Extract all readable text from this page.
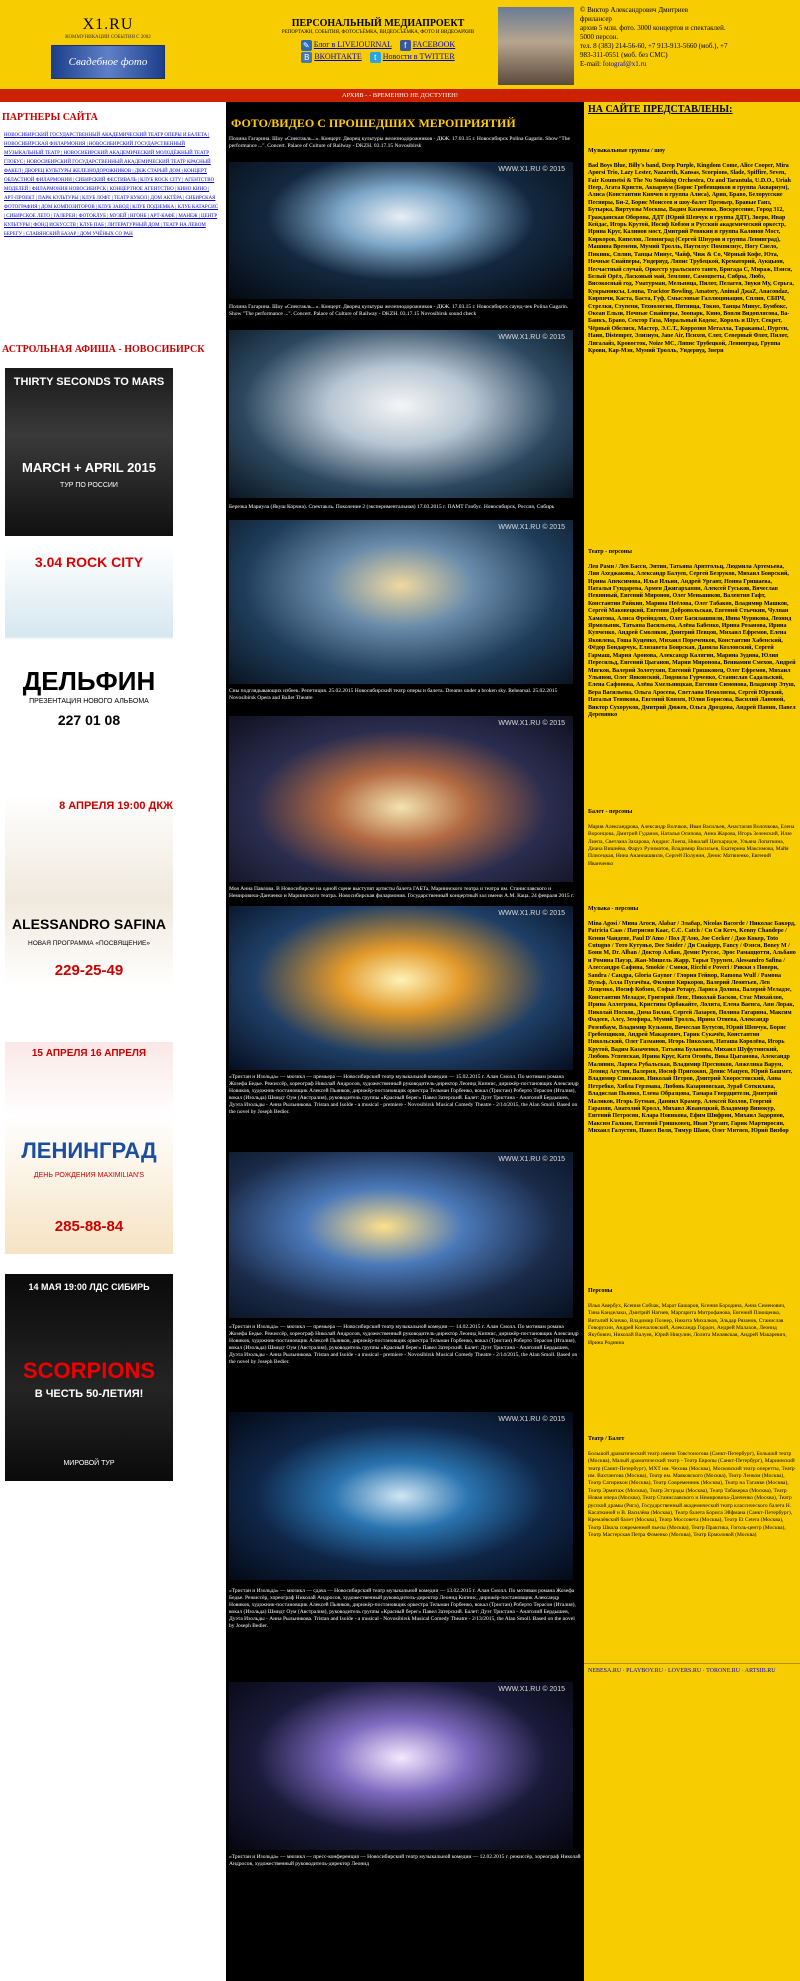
X1.RU
КОММУНИКАЦИИ СОБЫТИЯ С 2002
Свадебное фото
ПЕРСОНАЛЬНЫЙ МЕДИАПРОЕКТ
РЕПОРТАЖИ, СОБЫТИЯ, ФОТОСЪЁМКА, ВИДЕОСЪЁМКА, ФОТО И ВИДЕОАРХИВ
✎ Блог в LIVEJOURNAL f FACEBOOK
B ВКОНТАКТЕ t Новости в TWITTER
© Виктор Александрович Дмитриев
фрилансер
архив 5 млн. фото. 3000 концертов и спектаклей.
5000 персон.
тел. 8 (383) 214-56-60, +7 913-913-5660 (моб.), +7
983-311-0551 (моб. без СМС)
E-mail: fotograf@x1.ru
АРХИВ - - ВРЕМЕННО НЕ ДОСТУПЕН!
ПАРТНЕРЫ САЙТА
НОВОСИБИРСКИЙ ГОСУДАРСТВЕННЫЙ АКАДЕМИЧЕСКИЙ ТЕАТР ОПЕРЫ И БАЛЕТА | НОВОСИБИРСКАЯ ФИЛАРМОНИЯ | НОВОСИБИРСКИЙ ГОСУДАРСТВЕННЫЙ МУЗЫКАЛЬНЫЙ ТЕАТР | НОВОСИБИРСКИЙ АКАДЕМИЧЕСКИЙ МОЛОДЁЖНЫЙ ТЕАТР ГЛОБУС | НОВОСИБИРСКИЙ ГОСУДАРСТВЕННЫЙ АКАДЕМИЧЕСКИЙ ТЕАТР КРАСНЫЙ ФАКЕЛ | ДВОРЕЦ КУЛЬТУРЫ ЖЕЛЕЗНОДОРОЖНИКОВ | ДКЖ СТАРЫЙ ДОМ | КОНЦЕРТ ОБЛАСТНОЙ ФИЛАРМОНИИ | СИБИРСКИЙ ФЕСТИВАЛЬ | КЛУБ ROCK CITY | АГЕНТСТВО МОДЕЛЕЙ | ФИЛАРМОНИЯ НОВОСИБИРСК | КОНЦЕРТНОЕ АГЕНТСТВО | КИНО КИНО | АРТ-ПРОЕКТ | ПАРК КУЛЬТУРЫ | КЛУБ ЛОФТ | ТЕАТР КУКОЛ | ДОМ АКТЁРА | СИБИРСКАЯ ФОТОГРАФИЯ | ДОМ КОМПОЗИТОРОВ | КЛУБ ЗАВОД | КЛУБ ПОДЗЕМКА | КЛУБ КАТАРСИС | СИБИРСКОЕ ЛЕТО | ГАЛЕРЕЯ | ФОТОКЛУБ | МУЗЕЙ | НГОНБ | АРТ-КАФЕ | МАНЕЖ | ЦЕНТР КУЛЬТУРЫ | ФОНД ИСКУССТВ | КЛУБ ПАБ | ЛИТЕРАТУРНЫЙ ДОМ | ТЕАТР НА ЛЕВОМ БЕРЕГУ | СЛАВЯНСКИЙ БАЗАР | ДОМ УЧЁНЫХ СО РАН
АСТРОЛЬНАЯ АФИША - НОВОСИБИРСК
THIRTY SECONDS TO MARS
MARCH + APRIL 2015
ТУР ПО РОССИИ
3.04 ROCK CITY
ДЕЛЬФИН
ПРЕЗЕНТАЦИЯ НОВОГО АЛЬБОМА
227 01 08
8 АПРЕЛЯ 19:00 ДКЖ
ALESSANDRO SAFINA
НОВАЯ ПРОГРАММА «ПОСВЯЩЕНИЕ»
229-25-49
15 АПРЕЛЯ 16 АПРЕЛЯ
ЛЕНИНГРАД
ДЕНЬ РОЖДЕНИЯ MAXIMILIAN'S
285-88-84
14 МАЯ 19:00 ЛДС СИБИРЬ
SCORPIONS
В ЧЕСТЬ 50-ЛЕТИЯ!
МИРОВОЙ ТУР
ФОТО/ВИДЕО С ПРОШЕДШИХ МЕРОПРИЯТИЙ
Полина Гагарина. Шоу «Спектакль...». Концерт. Дворец культуры железнодорожников - ДКЖ. 17.03.15 г. Новосибирск Polina Gagarin. Show "The performance ...". Concert. Palace of Culture of Railway - DKZH. 03.17.15 Novosibirsk
WWW.X1.RU © 2015
Полина Гагарина. Шоу «Спектакль...». Концерт. Дворец культуры железнодорожников - ДКЖ. 17.03.15 г. Новосибирск саунд-чек Polina Gagarin. Show "The performance ...". Concert. Palace of Culture of Railway - DKZH. 03.17.15 Novosibirsk sound check
WWW.X1.RU © 2015
Березка Мариула (Якуш Корчна). Спектакль. Поколение 2 (экспериментальная) 17.03.2015 г. ПАМТ Глобус. Новосибирск, Россия, Сибирь
WWW.X1.RU © 2015
Сны подглядывающих избеек. Репетиция. 25.02.2015 Новосибирский театр оперы и балета. Dreams under a broken sky. Rehearsal. 25.02.2015 Novosibirsk Opera and Ballet Theatre
WWW.X1.RU © 2015
Моя Анна Павлова. В Новосибирске на одной сцене выступят артисты балета ГАБТа, Мариинского театра и театра им. Станиславского и Немировича-Данченко и Мариинского театра. Новосибирская филармония. Государственный концертный зал имени А.М. Каца. 24 февраля 2015 г.
WWW.X1.RU © 2015
«Тристан и Изольда» — мюзикл — премьера — Новосибирский театр музыкальной комедии — 15.02.2015 г. Алан Смолл. По мотивам романа Жозефа Бедье. Режиссёр, хореограф Николай Андросов, художественный руководитель-директор Леонид Кипнис, дирижёр-постановщик Александр Новиков, художник-постановщик Алексей Пьянков, дирижёр-постановщик оркестра Тельман Горбенко, вокал (Тристан) Роберто Терасон (Италия), вокал (Изольда) Шмидт Оум (Австралия), руководитель группы «Красный берег» Павел Затерский. Балет: Дуэт Тристана - Анатолий Бердышев, Дуэта Изольды - Анна Рыльникова. Tristan and Isolde - a musical - premiere - Novosibirsk Musical Comedy Theatre - 2/14/2015, the Alan Smoll. Based on the novel by Joseph Bedier.
WWW.X1.RU © 2015
«Тристан и Изольда» — мюзикл — премьера — Новосибирский театр музыкальной комедии — 14.02.2015 г. Алан Смолл. По мотивам романа Жозефа Бедье. Режиссёр, хореограф Николай Андросов, художественный руководитель-директор Леонид Кипнис, дирижёр-постановщик Александр Новиков, художник-постановщик Алексей Пьянков, дирижёр-постановщик оркестра Тельман Горбенко, вокал (Тристан) Роберто Терасон (Италия), вокал (Изольда) Шмидт Оум (Австралия), руководитель группы «Красный берег» Павел Затерский. Балет: Дуэт Тристана - Анатолий Бердышев, Дуэта Изольды - Анна Рыльникова. Tristan and Isolde - a musical - premiere - Novosibirsk Musical Comedy Theatre - 2/14/2015, the Alan Smoll. Based on the novel by Joseph Bedier.
WWW.X1.RU © 2015
«Тристан и Изольда» — мюзикл — сдача — Новосибирский театр музыкальной комедии — 13.02.2015 г. Алан Смолл. По мотивам романа Жозефа Бедье. Режиссёр, хореограф Николай Андросов, художественный руководитель-директор Леонид Кипнис, дирижёр-постановщик Александр Новиков, художник-постановщик Алексей Пьянков, дирижёр-постановщик оркестра Тельман Горбенко, вокал (Тристан) Роберто Терасон (Италия), вокал (Изольда) Шмидт Оум (Австралия), руководитель группы «Красный берег» Павел Затерский. Балет: Дуэт Тристана - Анатолий Бердышев, Дуэта Изольды - Анна Рыльникова. Tristan and Isolde - a musical - Novosibirsk Musical Comedy Theatre - 2/13/2015, the Alan Smoll. Based on the novel by Joseph Bedier.
WWW.X1.RU © 2015
«Тристан и Изольда» — мюзикл — пресс-конференция — Новосибирский театр музыкальной комедии — 12.02.2015 г. режиссёр, хореограф Николай Андросов, художественный руководитель-директор Леонид
НА САЙТЕ ПРЕДСТАВЛЕНЫ:
Музыкальные группы / шоу

Bad Boys Blue, Billy's band, Deep Purple, Kingdom Come, Alice Cooper, Mira Aporsi Trio, Lazy Lester, Nazareth, Kansas, Scorpions, Slade, Spiffire, Seven, Fair Koumetsi & The Nu Smoking Orchestra, Oz and Tarantula, U.D.O., Uriah Heep, Агата Кристи, Аквариум (Борис Гребенщиков и группа Аквариум), Алиса (Константин Кинчев и группа Алиса), Ария, Браво, Белорусские Песняры, Би-2, Борис Моисеев и шоу-балет Премьер, Бравые Ганз, Бутырка, Виртуозы Москвы, Вадим Казаченко, Воскресение, Город 312, Гражданская Оборона, ДДТ (Юрий Шевчук и группа ДДТ), Звери, Ивар Кейдас, Игорь Крутой, Иосиф Кобзон и Русский академический оркестр, Ирина Круг, Калинов мост, Дмитрий Ревякин и группа Калинов Мост, Киркоров, Кипелов, Ленинград (Сергей Шнуров и группа Ленинград), Машина Времени, Мумий Тролль, Наутилус Помпилиус, Ногу Свело, Пикник, Сплин, Танцы Минус, Чайф, Чиж & Co, Чёрный Кофе, Юта, Ночные Снайперы, Ундервуд, Ляпис Трубецкой, Крематорий, Аукцыон, Несчастный случай, Оркестр уральского танго, Бригада С, Мираж, Нэнси, Белый Орёл, Ласковый май, Земляне, Самоцветы, Сябры, Любэ, Високосный год, Уматурман, Мельница, Пилот, Пелагея, Звуки Му, Серьга, Кукрыниксы, Louna, Tracktor Bowling, Amatory, Animal ДжаZ, Anacondaz, Кирпичи, Каста, Баста, Гуф, Смысловые Галлюцинации, Сплин, СБПЧ, Стрелки, Ступени, Технология, Пятница, Токио, Танцы Минус, Бумбокс, Океан Ельзи, Ночные Снайперы, Зоопарк, Кино, Вопли Видоплясова, Ва-Банкъ, Браво, Сектор Газа, Моральный Кодекс, Король и Шут, Секрет, Чёрный Обелиск, Мастер, Э.С.Т., Коррозия Металла, Тараканы!, Пурген, Наив, Distemper, Элизиум, Jane Air, Психея, Слот, Северный Флот, Пилот, Лигалайз, Кровосток, Noize MC, Ляпис Трубецкой, Ленинград, Группа Крови, Кар-Мэн, Мумий Тролль, Ундервуд, Звери
Театр - персоны

Лев Рами / Лео Басси, Энтин, Татьяна Арнтгольц, Людмила Артемьева, Лия Ахеджакова, Александр Балуев, Сергей Безруков, Михаил Боярский, Ирина Апексимова, Илья Ильин, Андрей Ургант, Нонна Гришаева, Наталья Гундарева, Армен Джигарханян, Алексей Гуськов, Вячеслав Невинный, Евгений Миронов, Олег Меньшиков, Валентин Гафт, Константин Райкин, Марина Неёлова, Олег Табаков, Владимир Машков, Сергей Маковецкий, Евгения Добровольская, Евгений Стычкин, Чулпан Хаматова, Алиса Фрейндлих, Олег Басилашвили, Инна Чурикова, Леонид Ярмольник, Татьяна Васильева, Алёна Бабенко, Ирина Розанова, Ирина Купченко, Андрей Смоляков, Дмитрий Певцов, Михаил Ефремов, Елена Яковлева, Гоша Куценко, Михаил Пореченков, Константин Хабенский, Фёдор Бондарчук, Елизавета Боярская, Данила Козловский, Сергей Гармаш, Мария Аронова, Александр Калягин, Марина Зудина, Юлия Пересильд, Евгений Цыганов, Мария Миронова, Вениамин Смехов, Андрей Мягков, Валерий Золотухин, Евгений Гришковец, Олег Ефремов, Михаил Ульянов, Олег Янковский, Людмила Гурченко, Станислав Садальский, Елена Сафонова, Алёна Хмельницкая, Евгения Симонова, Владимир Этуш, Вера Васильева, Ольга Аросева, Светлана Немоляева, Сергей Юрский, Наталья Тенякова, Евгений Князев, Юлия Борисова, Василий Лановой, Виктор Сухоруков, Дмитрий Дюжев, Ольга Дроздова, Андрей Панин, Павел Деревянко
Балет - персоны

Мария Александрова, Александр Волчков, Иван Васильев, Анастасия Волочкова, Елена Воронцова, Дмитрий Гуданов, Наталья Осипова, Анна Жарова, Игорь Зеленский, Илзе Лиепа, Светлана Захарова, Андрис Лиепа, Николай Цискаридзе, Ульяна Лопаткина, Диана Вишнёва, Фарух Рузиматов, Владимир Васильев, Екатерина Максимова, Майя Плисецкая, Нина Ананиашвили, Сергей Полунин, Денис Матвиенко, Евгений Иванченко
Музыка - персоны

Mina Agosi / Мина Агоси, Alabar / Элабар, Nicolas Bacorde / Николас Бакорд, Patricia Caas / Патрисия Каас, C.C. Catch / Си Си Кетч, Kenny Chandepe / Кенни Чандепе, Paul D'Amo / Пол Д'Амо, Joe Cocker / Джо Кокер, Toto Cutugno / Тото Кутуньо, Dee Snider / Ди Снайдер, Fancy / Фэнси, Boney M / Бони М, Dr. Alban / Доктор Албан, Демис Руссос, Эрос Рамаццотти, Aльбано и Ромина Пауэр, Жан-Мишель Жарр, Тарья Турунен, Alessandro Safina / Алессандро Сафина, Smokie / Смоки, Ricchi e Poveri / Рикки э Повери, Sandra / Сандра, Gloria Gaynor / Глория Гейнор, Ramona Wulf / Рамона Вульф, Алла Пугачёва, Филипп Киркоров, Валерий Леонтьев, Лев Лещенко, Иосиф Кобзон, Софья Ротару, Лариса Долина, Валерий Меладзе, Константин Меладзе, Григорий Лепс, Николай Басков, Стас Михайлов, Ирина Аллегрова, Кристина Орбакайте, Лолита, Елена Ваенга, Ани Лорак, Николай Носков, Дима Билан, Сергей Лазарев, Полина Гагарина, Максим Фадеев, Алсу, Земфира, Мумий Тролль, Ирина Отиева, Александр Розенбаум, Владимир Кузьмин, Вячеслав Бутусов, Юрий Шевчук, Борис Гребенщиков, Андрей Макаревич, Гарик Сукачёв, Константин Никольский, Олег Газманов, Игорь Николаев, Наташа Королёва, Игорь Крутой, Вадим Казаченко, Татьяна Буланова, Михаил Шуфутинский, Любовь Успенская, Ирина Круг, Катя Огонёк, Вика Цыганова, Александр Малинин, Лариса Рубальская, Владимир Пресняков, Анжелика Варум, Леонид Агутин, Валерия, Иосиф Пригожин, Денис Мацуев, Юрий Башмет, Владимир Спиваков, Николай Петров, Дмитрий Хворостовский, Анна Нетребко, Хибла Герзмава, Любовь Казарновская, Зураб Соткилава, Владислав Пьявко, Елена Образцова, Тамара Гвердцители, Дмитрий Маликов, Игорь Бутман, Даниил Крамер, Алексей Козлов, Георгий Гаранян, Анатолий Кролл, Михаил Жванецкий, Владимир Винокур, Евгений Петросян, Клара Новикова, Ефим Шифрин, Михаил Задорнов, Максим Галкин, Евгений Гришковец, Иван Ургант, Гарик Мартиросян, Михаил Галустян, Павел Воля, Тимур Шаов, Олег Митяев, Юрий Визбор
Персоны

Илья Авербух, Ксения Собчак, Марат Башаров, Ксения Бородина, Анна Семенович, Тина Канделаки, Дмитрий Нагиев, Маргарита Митрофанова, Евгений Плющенко, Виталий Кличко, Владимир Познер, Никита Михалков, Эльдар Рязанов, Станислав Говорухин, Андрей Кончаловский, Александр Гордон, Андрей Малахов, Леонид Якубович, Николай Валуев, Юрий Никулин, Лолита Милявская, Андрей Макаревич, Ирина Роднина
Театр / Балет

Большой драматический театр имени Товстоногова (Санкт-Петербург), Большой театр (Москва), Малый драматический театр - Театр Европы (Санкт-Петербург), Мариинский театр (Санкт-Петербург), МХТ им. Чехова (Москва), Московский театр оперетты, Театр им. Вахтангова (Москва), Театр им. Маяковского (Москва), Театр Ленком (Москва), Театр Сатирикон (Москва), Театр Современник (Москва), Театр на Таганке (Москва), Театр Эрмитаж (Москва), Театр Эстрады (Москва), Театр Табакерка (Москва), Театр Новая опера (Москва), Театр Станиславского и Немировича-Данченко (Москва), Театр русской драмы (Рига), Государственный академический театр классического балета Н. Касаткиной и В. Василёва (Москва), Театр балета Бориса Эйфмана (Санкт-Петербург), Кремлёвский балет (Москва), Театр Моссовета (Москва), Театр Et Cetera (Москва), Театр Школа современной пьесы (Москва), Театр Практика, Гоголь-центр (Москва), Театр Мастерская Петра Фоменко (Москва), Театр Ермоловой (Москва)
NEBESA.RU · PLAYBOY.RU · LOVERS.RU · TORONE.RU · ARTSIB.RU
